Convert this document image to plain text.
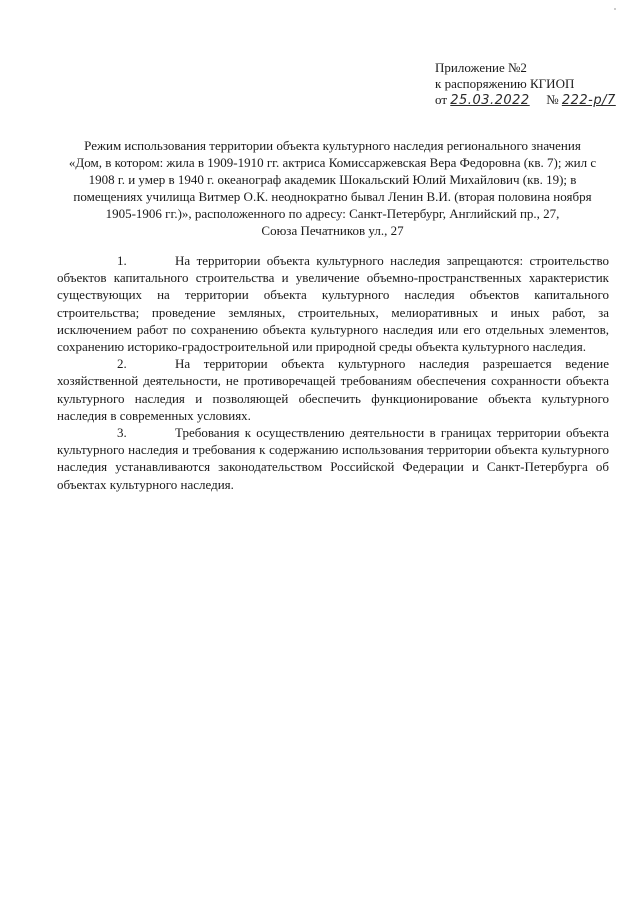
Приложение №2
к распоряжению КГИОП
от 25.03.2022 № 222-р/7
Режим использования территории объекта культурного наследия регионального значения
«Дом, в котором: жила в 1909-1910 гг. актриса Комиссаржевская Вера Федоровна (кв. 7); жил с
1908 г. и умер в 1940 г. океанограф академик Шокальский Юлий Михайлович (кв. 19); в
помещениях училища Витмер О.К. неоднократно бывал Ленин В.И. (вторая половина ноября
1905-1906 гг.)», расположенного по адресу: Санкт-Петербург, Английский пр., 27,
Союза Печатников ул., 27

1.	На территории объекта культурного наследия запрещаются: строительство объектов капитального строительства и увеличение объемно-пространственных характеристик существующих на территории объекта культурного наследия объектов капитального строительства; проведение земляных, строительных, мелиоративных и иных работ, за исключением работ по сохранению объекта культурного наследия или его отдельных элементов, сохранению историко-градостроительной или природной среды объекта культурного наследия.

2.	На территории объекта культурного наследия разрешается ведение хозяйственной деятельности, не противоречащей требованиям обеспечения сохранности объекта культурного наследия и позволяющей обеспечить функционирование объекта культурного наследия в современных условиях.

3.	Требования к осуществлению деятельности в границах территории объекта культурного наследия и требования к содержанию использования территории объекта культурного наследия устанавливаются законодательством Российской Федерации и Санкт-Петербурга об объектах культурного наследия.
